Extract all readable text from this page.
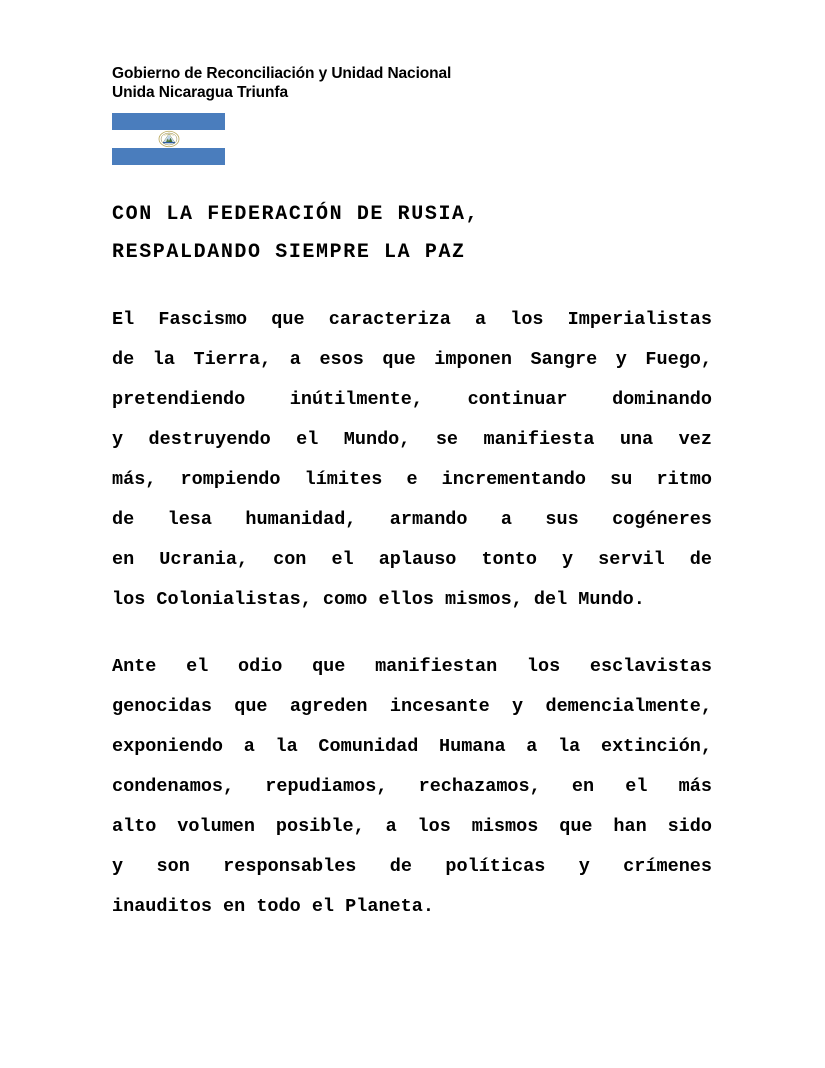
Gobierno de Reconciliación y Unidad Nacional
Unida Nicaragua Triunfa
CON LA FEDERACIÓN DE RUSIA,
RESPALDANDO SIEMPRE LA PAZ

El Fascismo que caracteriza a los Imperialistas
de la Tierra, a esos que imponen Sangre y Fuego,
pretendiendo inútilmente, continuar dominando
y destruyendo el Mundo, se manifiesta una vez
más, rompiendo límites e incrementando su ritmo
de lesa humanidad, armando a sus cogéneres
en Ucrania, con el aplauso tonto y servil de
los Colonialistas, como ellos mismos, del Mundo.

Ante el odio que manifiestan los esclavistas
genocidas que agreden incesante y demencialmente,
exponiendo a la Comunidad Humana a la extinción,
condenamos, repudiamos, rechazamos, en el más
alto volumen posible, a los mismos que han sido
y son responsables de políticas y crímenes
inauditos en todo el Planeta.
